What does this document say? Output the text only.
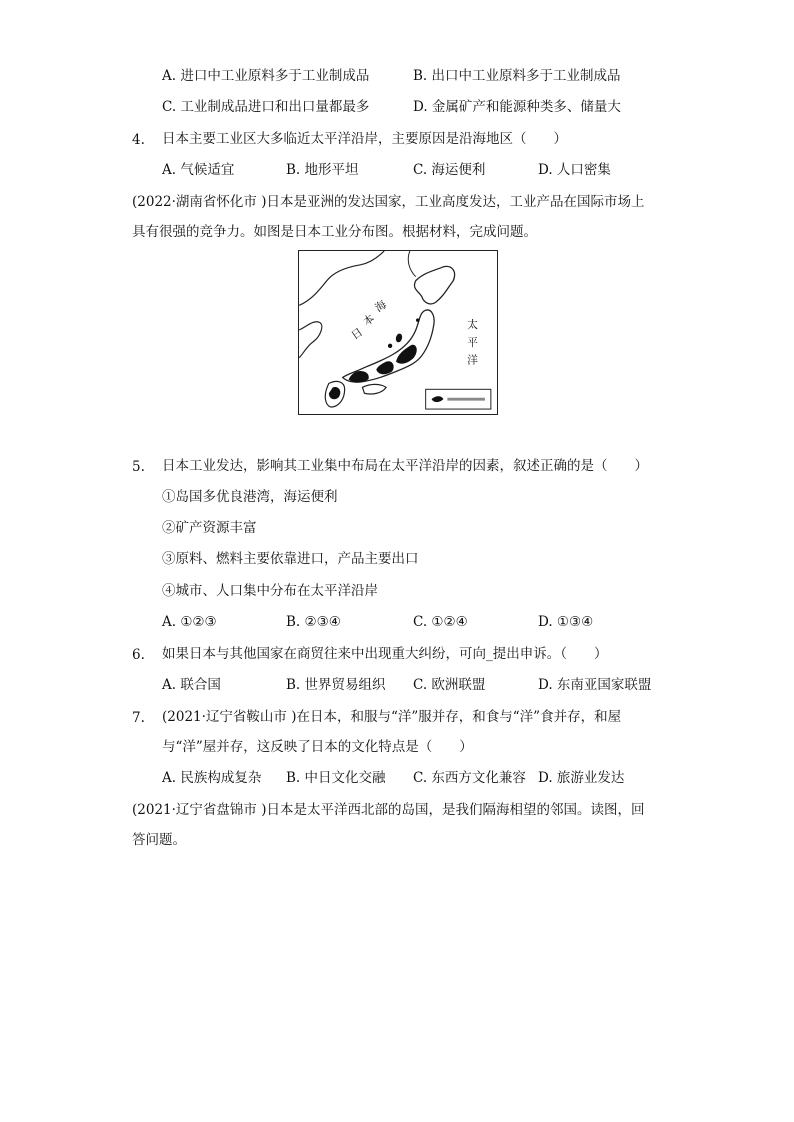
A. 进口中工业原料多于工业制成品	B. 出口中工业原料多于工业制成品
C. 工业制成品进口和出口量都最多	D. 金属矿产和能源种类多、储量大
4. 日本主要工业区大多临近太平洋沿岸，主要原因是沿海地区（　　）
A. 气候适宜	B. 地形平坦	C. 海运便利	D. 人口密集
(2022·湖南省怀化市 )日本是亚洲的发达国家，工业高度发达，工业产品在国际市场上
具有很强的竞争力。如图是日本工业分布图。根据材料，完成问题。
日
本
海
太
平
洋
5. 日本工业发达，影响其工业集中布局在太平洋沿岸的因素，叙述正确的是（　　）
①岛国多优良港湾，海运便利
②矿产资源丰富
③原料、燃料主要依靠进口，产品主要出口
④城市、人口集中分布在太平洋沿岸
A. ①②③	B. ②③④	C. ①②④	D. ①③④
6. 如果日本与其他国家在商贸往来中出现重大纠纷，可向_提出申诉。（　　）
A. 联合国	B. 世界贸易组织 C. 欧洲联盟	D. 东南亚国家联盟
7. (2021·辽宁省鞍山市 )在日本，和服与“洋”服并存，和食与“洋”食并存，和屋
与“洋”屋并存，这反映了日本的文化特点是（　　）
A. 民族构成复杂 B. 中日文化交融 C. 东西方文化兼容 D. 旅游业发达
(2021·辽宁省盘锦市 )日本是太平洋西北部的岛国，是我们隔海相望的邻国。读图，回
答问题。
